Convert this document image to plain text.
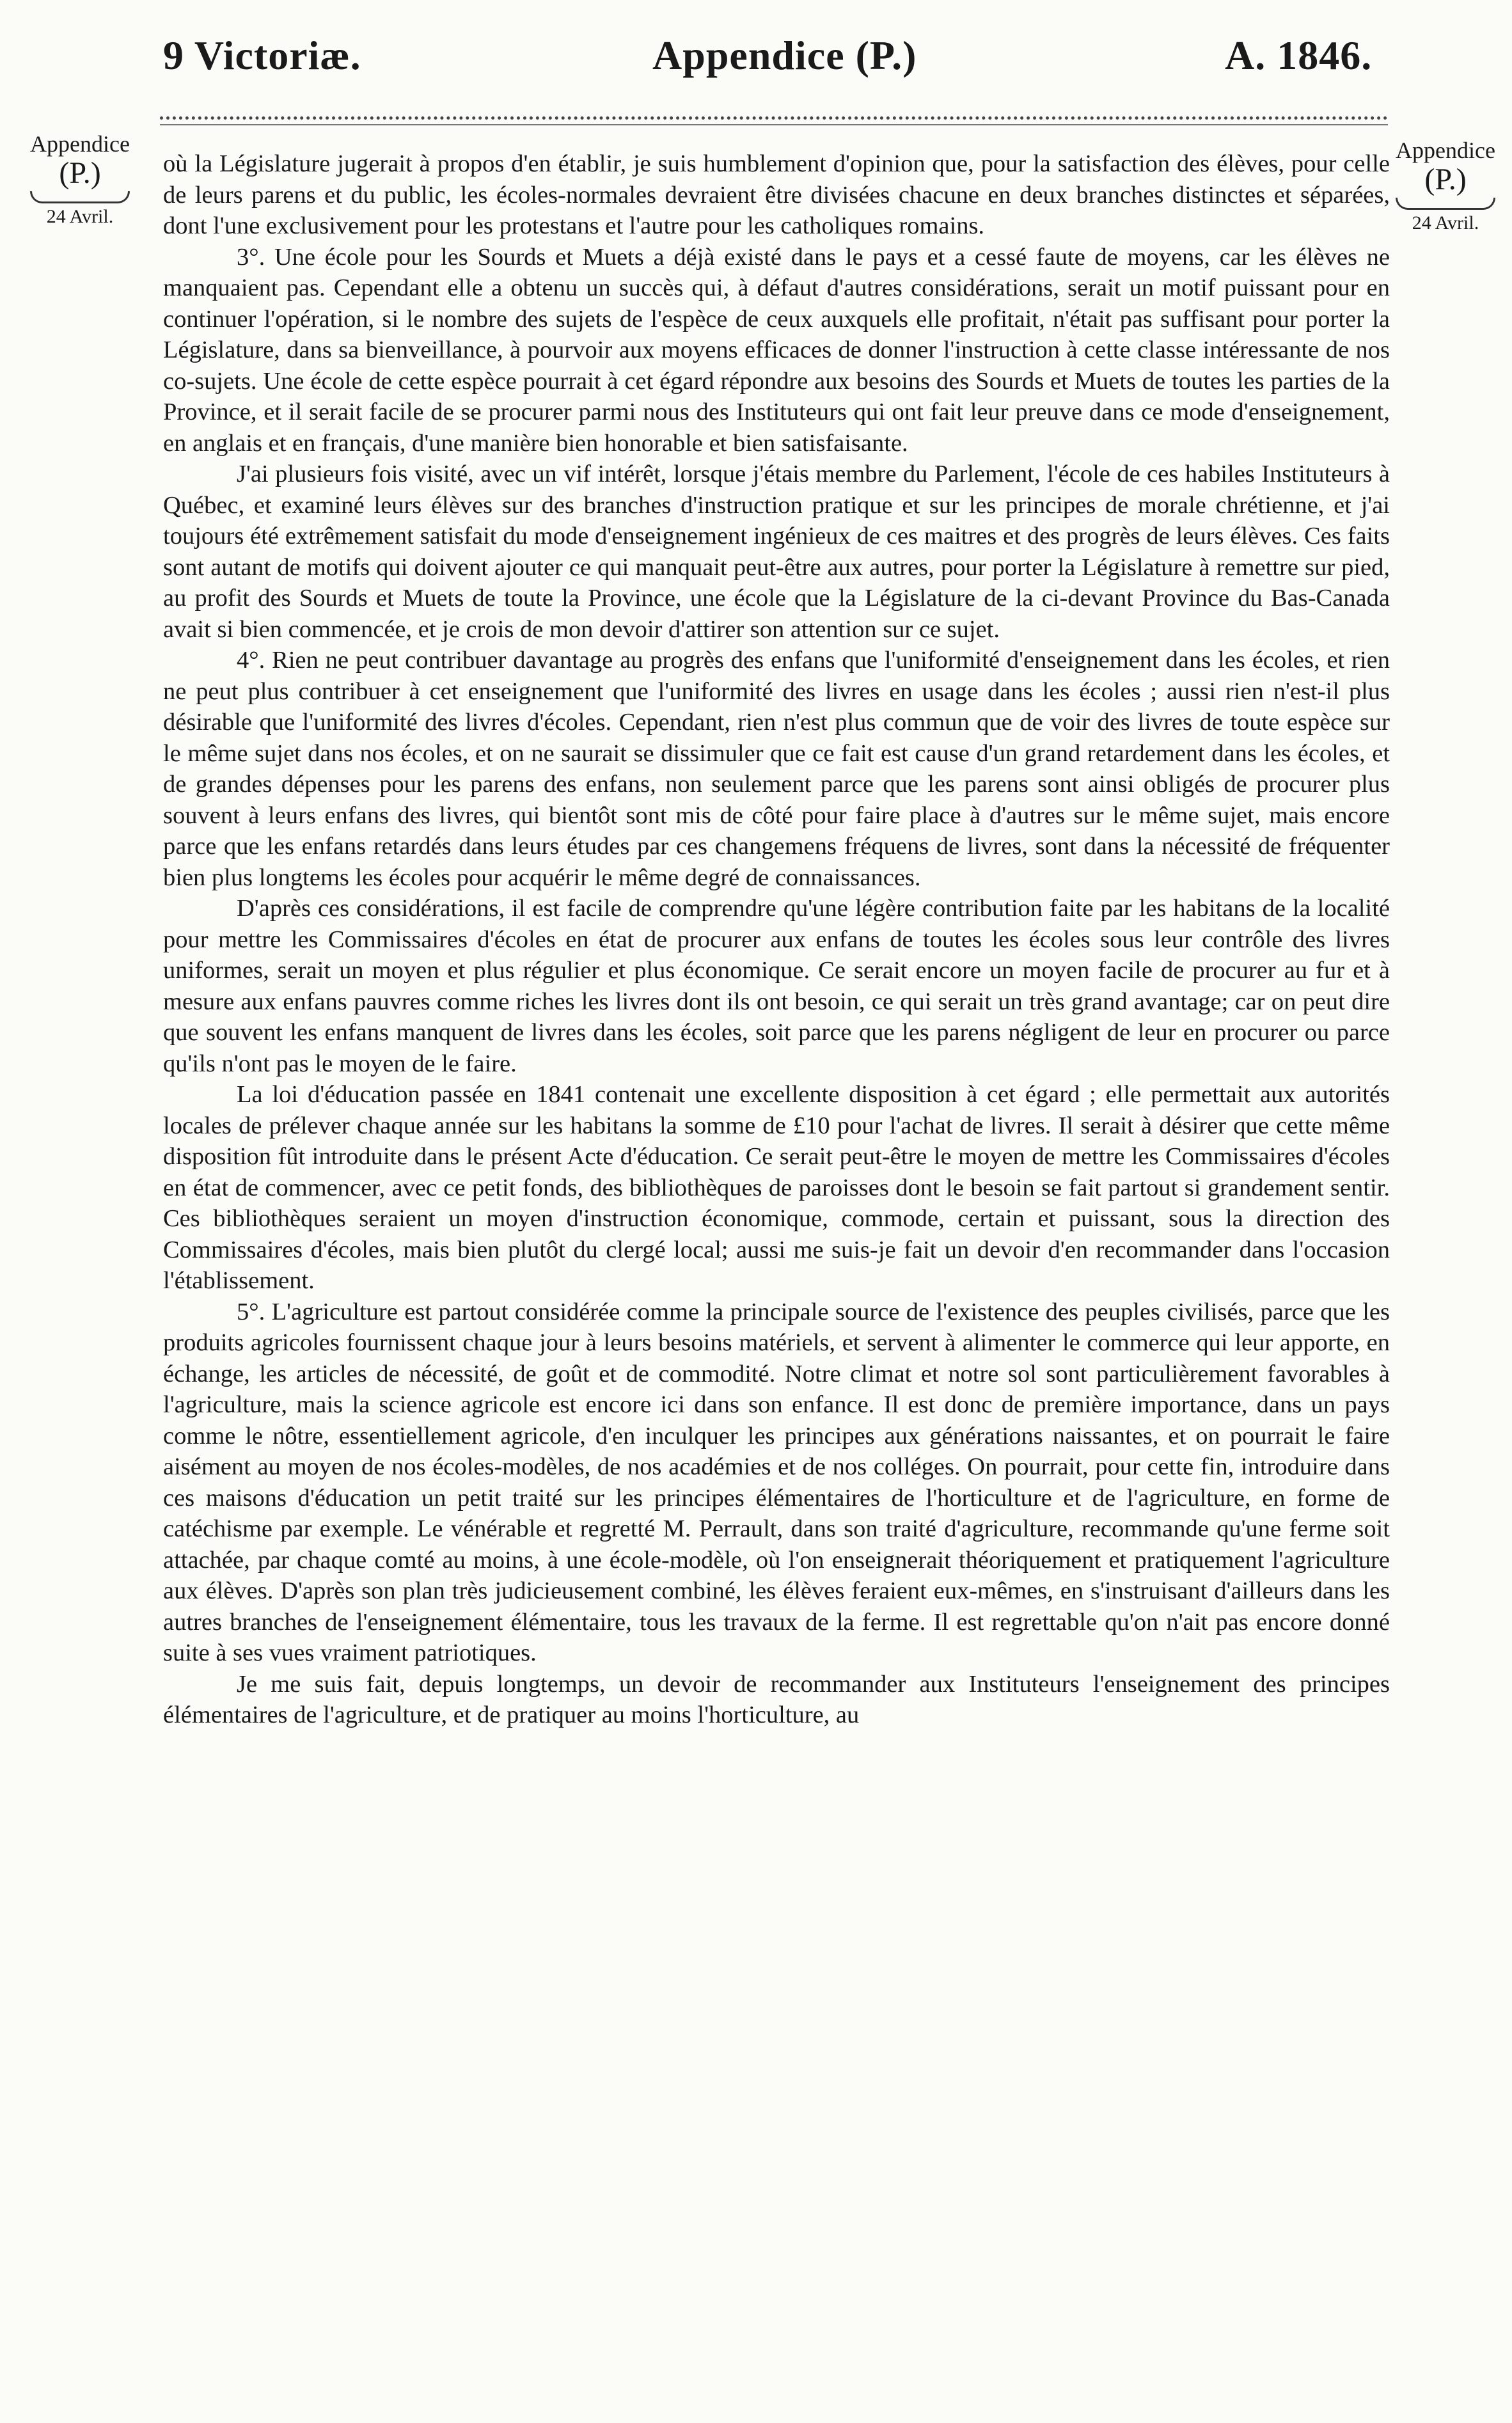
9 Victoriæ.	Appendice (P.)	A. 1846.
Appendice
(P.)
24 Avril.
Appendice
(P.)
24 Avril.

où la Législature jugerait à propos d'en établir, je suis humblement d'opinion que, pour la satisfaction des élèves, pour celle de leurs parens et du public, les écoles-normales devraient être divisées chacune en deux branches distinctes et séparées, dont l'une exclusivement pour les protestans et l'autre pour les catholiques romains.

3°. Une école pour les Sourds et Muets a déjà existé dans le pays et a cessé faute de moyens, car les élèves ne manquaient pas. Cependant elle a obtenu un succès qui, à défaut d'autres considérations, serait un motif puissant pour en continuer l'opération, si le nombre des sujets de l'espèce de ceux auxquels elle profitait, n'était pas suffisant pour porter la Législature, dans sa bienveillance, à pourvoir aux moyens efficaces de donner l'instruction à cette classe intéressante de nos co-sujets. Une école de cette espèce pourrait à cet égard répondre aux besoins des Sourds et Muets de toutes les parties de la Province, et il serait facile de se procurer parmi nous des Instituteurs qui ont fait leur preuve dans ce mode d'enseignement, en anglais et en français, d'une manière bien honorable et bien satisfaisante.

J'ai plusieurs fois visité, avec un vif intérêt, lorsque j'étais membre du Parlement, l'école de ces habiles Instituteurs à Québec, et examiné leurs élèves sur des branches d'instruction pratique et sur les principes de morale chrétienne, et j'ai toujours été extrêmement satisfait du mode d'enseignement ingénieux de ces maitres et des progrès de leurs élèves. Ces faits sont autant de motifs qui doivent ajouter ce qui manquait peut-être aux autres, pour porter la Législature à remettre sur pied, au profit des Sourds et Muets de toute la Province, une école que la Législature de la ci-devant Province du Bas-Canada avait si bien commencée, et je crois de mon devoir d'attirer son attention sur ce sujet.

4°. Rien ne peut contribuer davantage au progrès des enfans que l'uniformité d'enseignement dans les écoles, et rien ne peut plus contribuer à cet enseignement que l'uniformité des livres en usage dans les écoles ; aussi rien n'est-il plus désirable que l'uniformité des livres d'écoles. Cependant, rien n'est plus commun que de voir des livres de toute espèce sur le même sujet dans nos écoles, et on ne saurait se dissimuler que ce fait est cause d'un grand retardement dans les écoles, et de grandes dépenses pour les parens des enfans, non seulement parce que les parens sont ainsi obligés de procurer plus souvent à leurs enfans des livres, qui bientôt sont mis de côté pour faire place à d'autres sur le même sujet, mais encore parce que les enfans retardés dans leurs études par ces changemens fréquens de livres, sont dans la nécessité de fréquenter bien plus longtems les écoles pour acquérir le même degré de connaissances.

D'après ces considérations, il est facile de comprendre qu'une légère contribution faite par les habitans de la localité pour mettre les Commissaires d'écoles en état de procurer aux enfans de toutes les écoles sous leur contrôle des livres uniformes, serait un moyen et plus régulier et plus économique. Ce serait encore un moyen facile de procurer au fur et à mesure aux enfans pauvres comme riches les livres dont ils ont besoin, ce qui serait un très grand avantage; car on peut dire que souvent les enfans manquent de livres dans les écoles, soit parce que les parens négligent de leur en procurer ou parce qu'ils n'ont pas le moyen de le faire.

La loi d'éducation passée en 1841 contenait une excellente disposition à cet égard ; elle permettait aux autorités locales de prélever chaque année sur les habitans la somme de £10 pour l'achat de livres. Il serait à désirer que cette même disposition fût introduite dans le présent Acte d'éducation. Ce serait peut-être le moyen de mettre les Commissaires d'écoles en état de commencer, avec ce petit fonds, des bibliothèques de paroisses dont le besoin se fait partout si grandement sentir. Ces bibliothèques seraient un moyen d'instruction économique, commode, certain et puissant, sous la direction des Commissaires d'écoles, mais bien plutôt du clergé local; aussi me suis-je fait un devoir d'en recommander dans l'occasion l'établissement.

5°. L'agriculture est partout considérée comme la principale source de l'existence des peuples civilisés, parce que les produits agricoles fournissent chaque jour à leurs besoins matériels, et servent à alimenter le commerce qui leur apporte, en échange, les articles de nécessité, de goût et de commodité. Notre climat et notre sol sont particulièrement favorables à l'agriculture, mais la science agricole est encore ici dans son enfance. Il est donc de première importance, dans un pays comme le nôtre, essentiellement agricole, d'en inculquer les principes aux générations naissantes, et on pourrait le faire aisément au moyen de nos écoles-modèles, de nos académies et de nos colléges. On pourrait, pour cette fin, introduire dans ces maisons d'éducation un petit traité sur les principes élémentaires de l'horticulture et de l'agriculture, en forme de catéchisme par exemple. Le vénérable et regretté M. Perrault, dans son traité d'agriculture, recommande qu'une ferme soit attachée, par chaque comté au moins, à une école-modèle, où l'on enseignerait théoriquement et pratiquement l'agriculture aux élèves. D'après son plan très judicieusement combiné, les élèves feraient eux-mêmes, en s'instruisant d'ailleurs dans les autres branches de l'enseignement élémentaire, tous les travaux de la ferme. Il est regrettable qu'on n'ait pas encore donné suite à ses vues vraiment patriotiques.

Je me suis fait, depuis longtemps, un devoir de recommander aux Instituteurs l'enseignement des principes élémentaires de l'agriculture, et de pratiquer au moins l'horticulture, au
